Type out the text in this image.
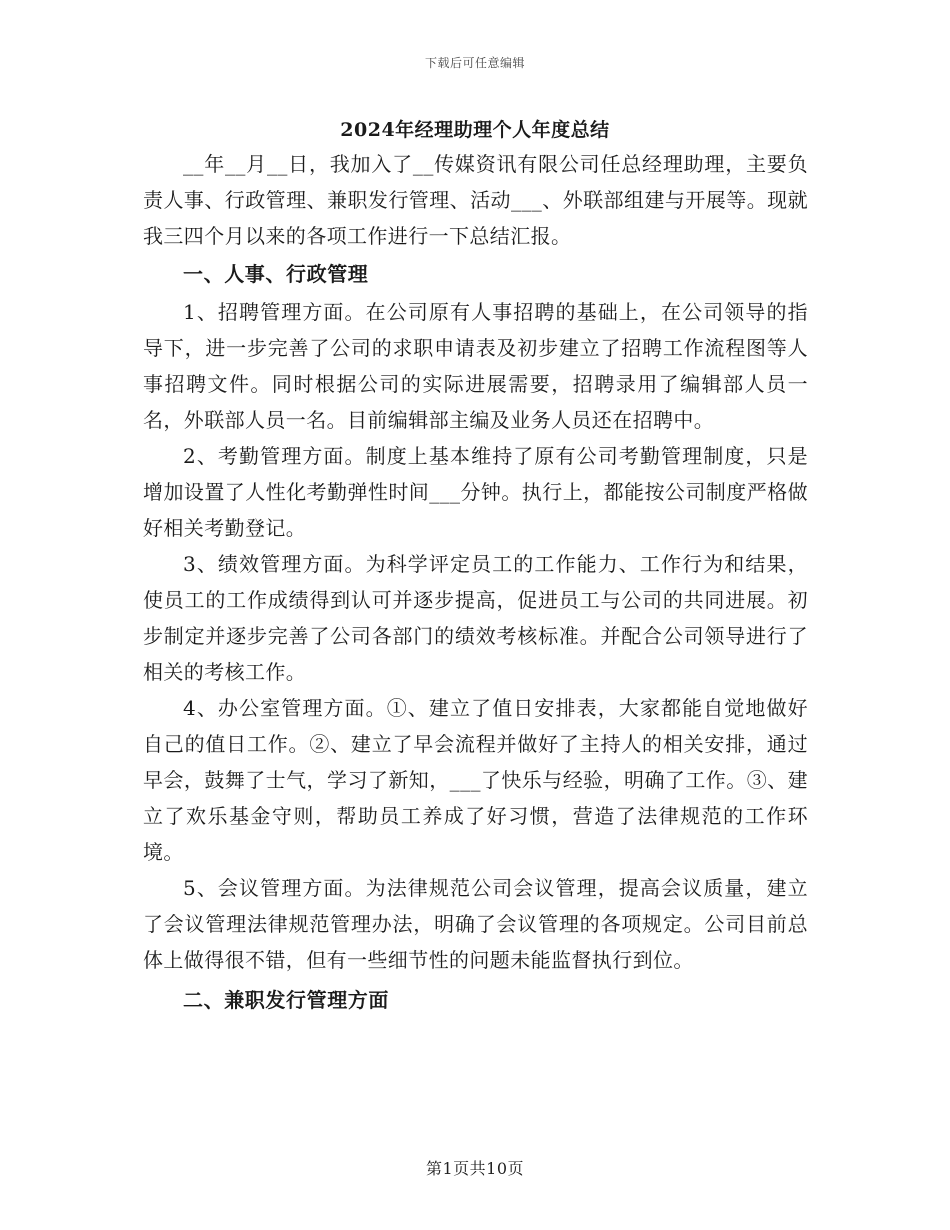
下载后可任意编辑
2024年经理助理个人年度总结

__年__月__日，我加入了__传媒资讯有限公司任总经理助理，主要负责人事、行政管理、兼职发行管理、活动___、外联部组建与开展等。现就我三四个月以来的各项工作进行一下总结汇报。

一、人事、行政管理

1、招聘管理方面。在公司原有人事招聘的基础上，在公司领导的指导下，进一步完善了公司的求职申请表及初步建立了招聘工作流程图等人事招聘文件。同时根据公司的实际进展需要，招聘录用了编辑部人员一名，外联部人员一名。目前编辑部主编及业务人员还在招聘中。

2、考勤管理方面。制度上基本维持了原有公司考勤管理制度，只是增加设置了人性化考勤弹性时间___分钟。执行上，都能按公司制度严格做好相关考勤登记。

3、绩效管理方面。为科学评定员工的工作能力、工作行为和结果，使员工的工作成绩得到认可并逐步提高，促进员工与公司的共同进展。初步制定并逐步完善了公司各部门的绩效考核标准。并配合公司领导进行了相关的考核工作。

4、办公室管理方面。①、建立了值日安排表，大家都能自觉地做好自己的值日工作。②、建立了早会流程并做好了主持人的相关安排，通过早会，鼓舞了士气，学习了新知，___了快乐与经验，明确了工作。③、建立了欢乐基金守则，帮助员工养成了好习惯，营造了法律规范的工作环境。

5、会议管理方面。为法律规范公司会议管理，提高会议质量，建立了会议管理法律规范管理办法，明确了会议管理的各项规定。公司目前总体上做得很不错，但有一些细节性的问题未能监督执行到位。

二、兼职发行管理方面
第1页共10页
